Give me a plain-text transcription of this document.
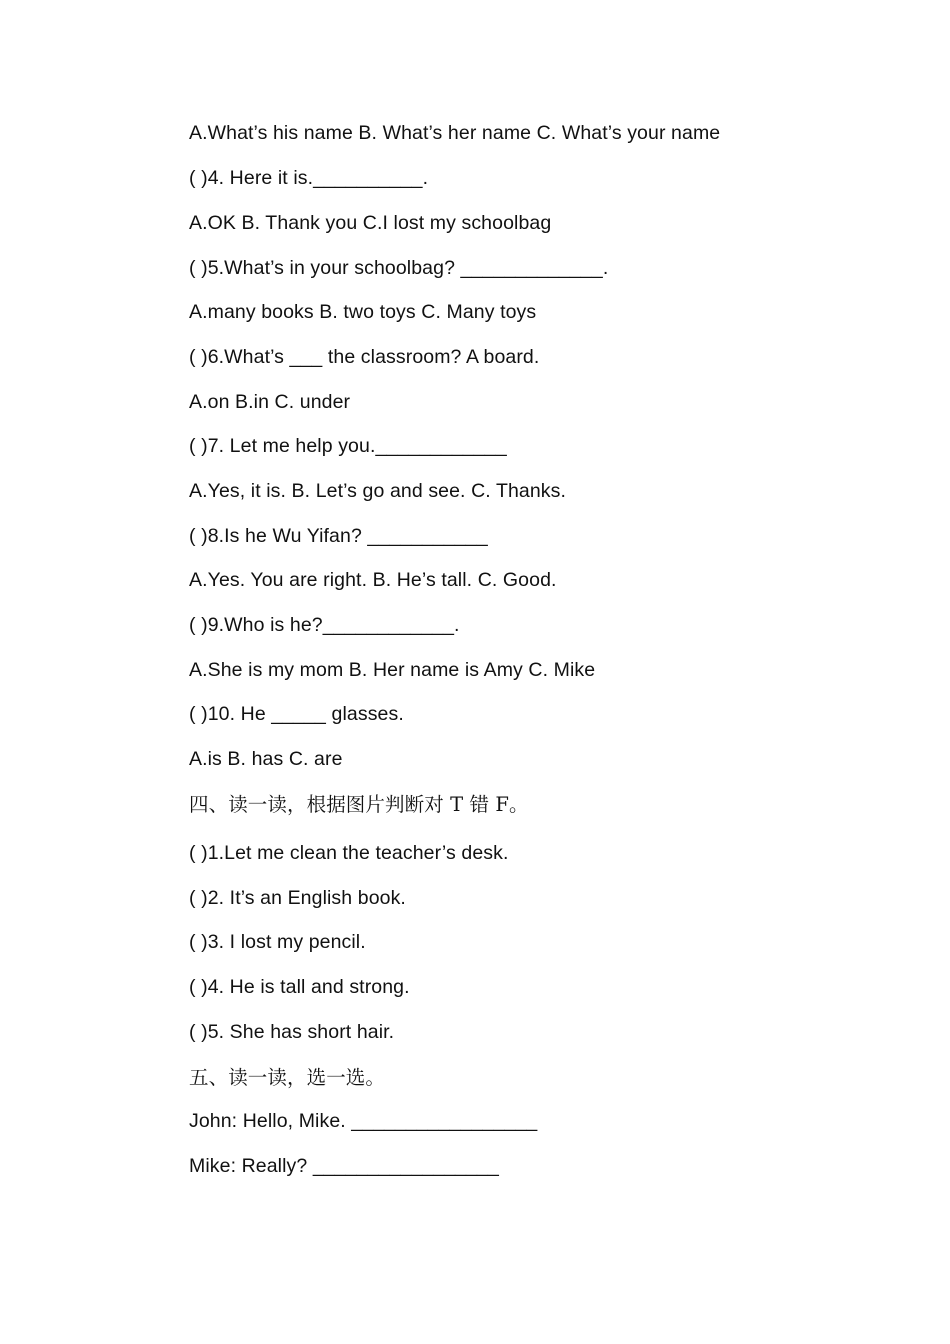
A.What’s his name B. What’s her name C. What’s your name
( )4. Here it is.__________.
A.OK B. Thank you C.I lost my schoolbag
( )5.What’s in your schoolbag? _____________.
A.many books B. two toys C. Many toys
( )6.What’s ___ the classroom? A board.
A.on B.in C. under
( )7. Let me help you.____________
A.Yes, it is. B. Let’s go and see. C. Thanks.
( )8.Is he Wu Yifan? ___________
A.Yes. You are right. B. He’s tall. C. Good.
( )9.Who is he?____________.
A.She is my mom B. Her name is Amy C. Mike
( )10. He _____ glasses.
A.is B. has C. are
四、读一读，根据图片判断对 T 错 F。
( )1.Let me clean the teacher’s desk.
( )2. It’s an English book.
( )3. I lost my pencil.
( )4. He is tall and strong.
( )5. She has short hair.
五、读一读，选一选。
John: Hello, Mike. _________________
Mike: Really? _________________
